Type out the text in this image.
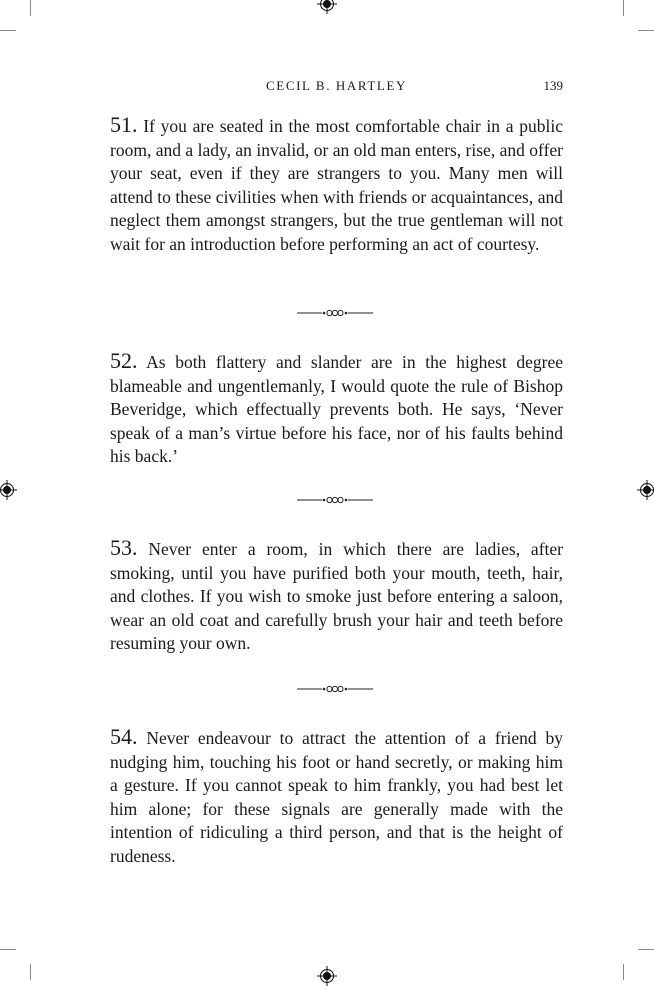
CECIL B. HARTLEY	139

51. If you are seated in the most comfortable chair in a public room, and a lady, an invalid, or an old man enters, rise, and offer your seat, even if they are strangers to you. Many men will attend to these civilities when with friends or acquaintances, and neglect them amongst strangers, but the true gentleman will not wait for an introduction before performing an act of courtesy.

52. As both flattery and slander are in the highest degree blameable and ungentlemanly, I would quote the rule of Bishop Beveridge, which effectually prevents both. He says, ‘Never speak of a man’s virtue before his face, nor of his faults behind his back.’

53. Never enter a room, in which there are ladies, after smoking, until you have purified both your mouth, teeth, hair, and clothes. If you wish to smoke just before entering a saloon, wear an old coat and carefully brush your hair and teeth before resuming your own.

54. Never endeavour to attract the attention of a friend by nudging him, touching his foot or hand secretly, or making him a gesture. If you cannot speak to him frankly, you had best let him alone; for these signals are generally made with the intention of ridiculing a third person, and that is the height of rudeness.
